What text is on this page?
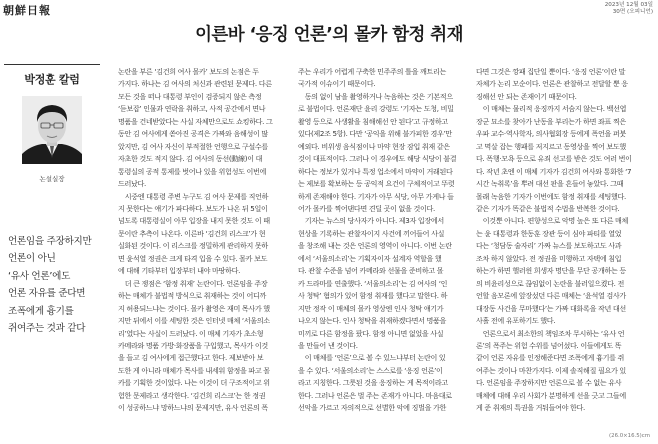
朝鮮日報	2023년 12월 03일
30면 (오피니언)
이른바 ‘응징 언론’의 몰카 함정 취재
박정훈 칼럼
논설실장
언론임을 주장하지만
언론이 아닌
‘유사 언론’에도
언론 자유를 준다면
조폭에게 흉기를
쥐여주는 것과 같다
논란을 부른 ‘김건희 여사 몰카’ 보도의 논점은 두
가지다. 하나는 김 여사의 처신과 관련된 문제다. 다른
모든 것을 떠나 대통령 부인이 검증되지 않은 측정
‘듣보잡’ 인물과 연락을 취하고, 사적 공간에서 면나
명품을 건네받았다는 사실 자체만으로도 쇼킹하다. 그
동안 김 여사에게 쏟아진 공격은 가짜와 음해성이 많
았지만, 김 여사 자신이 부적절한 언행으로 구설수를
자초한 것도 적지 않다. 김 여사의 동선(動線)이 대
통령실의 공적 통제를 벗어나 있을 위험성도 이번에
드러났다.
　시중엔 대통령 주변 누구도 김 여사 문제를 직언하
지 못한다는 얘기가 파다하다. 보도가 나온 뒤 5일이
넘도록 대통령실이 아무 입장을 내지 못한 것도 이 때
문이란 추측이 나온다. 이른바 ‘김건희 리스크’가 현
실화된 것이다. 이 리스크를 정밀하게 관리하지 못하
면 윤석열 정권은 크게 타격 입을 수 있다. 몰카 보도
에 대해 기타부터 입장부터 내야 마땅하다.
　더 큰 쟁점은 ‘함정 취재’ 논란이다. 언론임을 주장
하는 매체가 불법적 방식으로 취재하는 것이 어디까
지 허용되느냐는 것이다. 몰카 촬영은 재미 목사가 했
지만 뒤에서 이를 세팅한 것은 인터넷 매체 ‘서울의소
리’였다는 사실이 드러났다. 이 매체 기자가 초소형
카메라와 명품 가방·화장품을 구입했고, 목사가 이것
을 들고 김 여사에게 접근했다고 한다. 제보받아 보
도한 게 아니라 매체가 목사를 내세워 함정을 파고 몰
카를 기획한 것이었다. 나는 이것이 더 구조적이고 위
험한 문제라고 생각한다. ‘김건희 리스크’는 한 정권
이 성공하느냐 망하느냐의 문제지만, 유사 언론의 폭
주는 우리가 어렵게 구축한 민주주의 틀을 깨트리는
국가적 이슈이기 때문이다.
　동의 없이 남을 촬영하거나 녹음하는 것은 기본적으
로 불법이다. 언론재단 윤리 강령도 ‘기자는 도청, 비밀
촬영 등으로 사생활을 침해해선 안 된다’고 규정하고
있다(제2조 5항). 다만 ‘공익을 위해 불가피한 경우’만
예외다. 비위생 음식점이나 마약 현장 잠입 취재 같은
것이 대표적이다. 그러나 이 경우에도 해당 식당이 불결
하다는 정보가 있거나 특정 업소에서 마약이 거래된다
는 제보를 확보하는 등 공익적 요건이 구체적이고 뚜렷
하게 존재해야 한다. 기자가 아무 식당, 아무 가게나 들
어가 몰카를 찍어댄다면 견딜 곳이 없을 것이다.
　기자는 뉴스의 당사자가 아니다. 제3자 입장에서
현상을 기록하는 관찰자이지 사건에 끼어들어 사실
을 창조해 내는 것은 언론의 영역이 아니다. 이번 논란
에서 ‘서울의소리’는 기획자이자 설계자 역할을 했
다. 관찰 수준을 넘어 카메라와 선물을 준비하고 몰
카 드라마를 연출했다. ‘서울의소리’는 김 여사의 ‘인
사 청탁’ 혐의가 있어 함정 취재를 했다고 말한다. 하
지만 정작 이 매체의 몰카 영상엔 인사 청탁 얘기가
나오지 않는다. 인사 청탁을 취재하겠다면서 명품을
미끼로 다른 함정을 팠다. 함정 아니면 없었을 사실
을 만들어 낸 것이다.
　이 매체를 ‘언론’으로 볼 수 있느냐부터 논란이 있
을 수 있다. ‘서울의소리’는 스스로를 ‘응징 언론’이
라고 지칭한다. 그릇된 것을 응징하는 게 목적이라고
한다. 그러나 언론은 벌 주는 존재가 아니다. 마음대로
선악을 가르고 자의적으로 선별한 악에 징벌을 가한
다면 그것은 깡패 집단일 뿐이다. ‘응징 언론’이란 말
자체가 논리 모순이다. 언론은 관찰하고 전달할 뿐 응
징해선 안 되는 존재이기 때문이다.
　이 매체는 물리적 응징까지 서슴지 않는다. 백선엽
장군 묘소를 찾아가 난동을 부리는가 하면 좌표 찍은
우파 교수·역사학자, 의사협회장 등에게 폭언을 퍼붓
고 멱살 잡는 행패를 저지르고 동영상을 찍어 보도했
다. 폭행·모욕 등으로 유죄 선고를 받은 것도 여러 번이
다. 작년 초엔 이 매체 기자가 김건희 여사와 통화한 ‘7
시간 녹취록’을 뿌려 대선 판을 흔들어 놓았다. 그때
몰래 녹음한 기자가 이번에도 함정 취재를 세팅했다.
같은 기자가 똑같은 불법적 수법을 반복한 것이다.
　이것뿐 아니다. 편향성으로 악명 높은 또 다른 매체
는 윤 대통령과 한동훈 장관 등이 심야 파티를 열었
다는 ‘청담동 술자리’ 가짜 뉴스를 보도하고도 사과
조차 하지 않았다. 전 정권을 미행하고 자택에 침입
하는가 하면 핼러윈 희생자 명단을 무단 공개하는 등
의 비윤리성으로 끊임없이 논란을 불러일으켰다. 전
언할 음모론에 앞장섰던 다른 매체는 ‘윤석열 검사가
대장동 사건을 무마했다’는 가짜 대화록을 작년 대선
사흘 전에 유포하기도 했다.
　언론으로서 최소한의 책임조차 무시하는 ‘유사 언
론’의 폭주는 위험 수위를 넘어섰다. 이들에게도 똑
같이 언론 자유를 인정해준다면 조폭에게 흉기를 쥐
여주는 것이나 마찬가지다. 이제 솔직해질 필요가 있
다. 언론임을 주장하지만 언론으로 볼 수 없는 유사
매체에 대해 우리 사회가 분명하게 선을 긋고 그들에
게 준 취재의 특권을 거둬들여야 한다.
(26.0×16.5)cm
